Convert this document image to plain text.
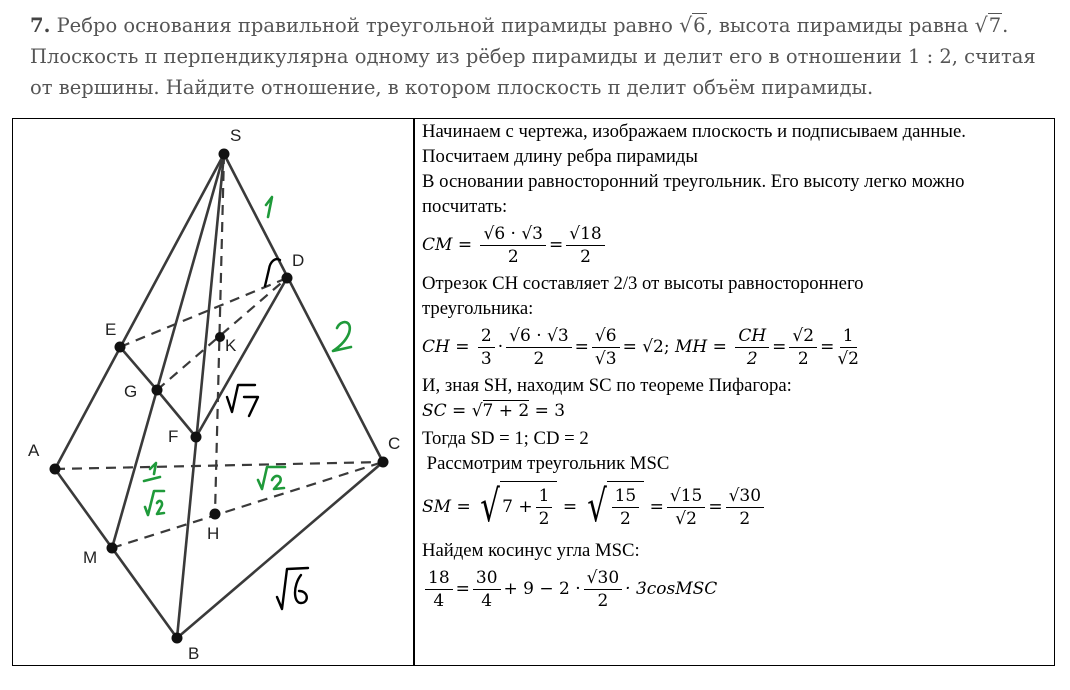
7. Ребро основания правильной треугольной пирамиды равно √6, высота пирамиды равна √7.
Плоскость π перпендикулярна одному из рёбер пирамиды и делит его в отношении 1 : 2, считая
от вершины. Найдите отношение, в котором плоскость π делит объём пирамиды.
S
D
E
K
G
F
A	C
H
M
B
Начинаем с чертежа, изображаем плоскость и подписываем данные.
Посчитаем длину ребра пирамиды
В основании равносторонний треугольник. Его высоту легко можно
посчитать:
CM = $\frac{√6 \cdot √3}{2} = \frac{√18}{2}$
Отрезок CH составляет 2/3 от высоты равностороннего
треугольника:
CH = $\frac{2}{3} \cdot \frac{√6 \cdot √3}{2} = \frac{√6}{√3} = √2$;
MH = $\frac{CH}{2} = \frac{√2}{2} = \frac{1}{√2}$
И, зная SH, находим SC по теореме Пифагора:
SC = √7 + 2 = 3
Тогда SD = 1; CD = 2
Рассмотрим треугольник MSC
SM = √ $7 + \frac{1}{2}$ = √ $\frac{15}{2} = \frac{√15}{√2} = \frac{√30}{2}$
Найдем косинус угла MSC:
$\frac{18}{4} = \frac{30}{4} + 9 - 2 \cdot \frac{√30}{2}$ · 3cosMSC
